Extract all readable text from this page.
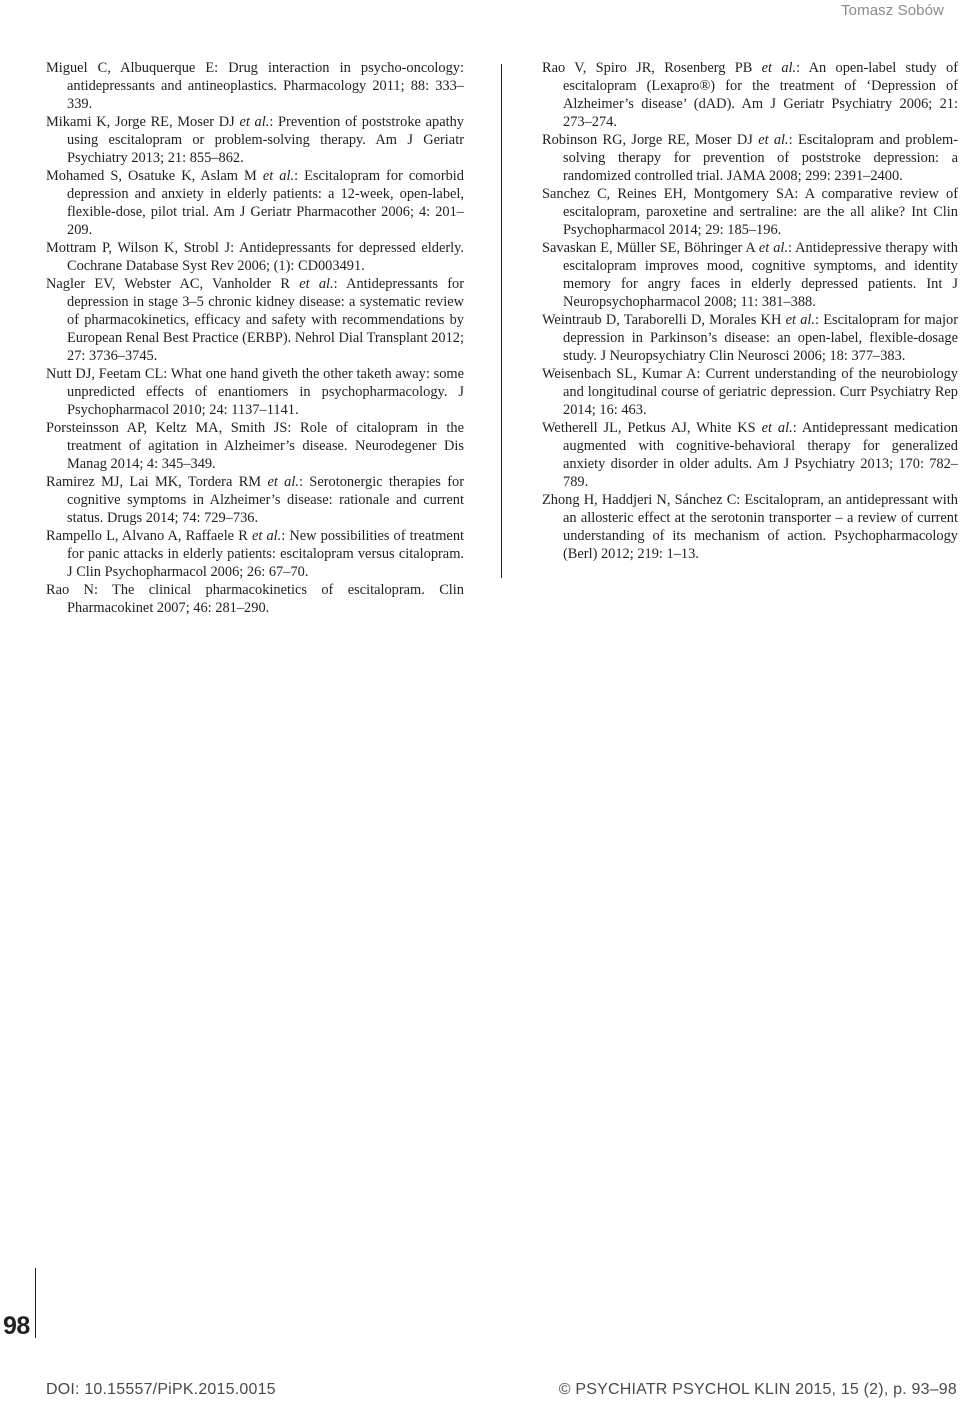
Tomasz Sobów

Miguel C, Albuquerque E: Drug interaction in psycho-oncology: antidepressants and antineoplastics. Pharmacology 2011; 88: 333–339.

Mikami K, Jorge RE, Moser DJ et al.: Prevention of poststroke apathy using escitalopram or problem-solving therapy. Am J Geriatr Psychiatry 2013; 21: 855–862.

Mohamed S, Osatuke K, Aslam M et al.: Escitalopram for comorbid depression and anxiety in elderly patients: a 12-week, open-label, flexible-dose, pilot trial. Am J Geriatr Pharmacother 2006; 4: 201–209.

Mottram P, Wilson K, Strobl J: Antidepressants for depressed elderly. Cochrane Database Syst Rev 2006; (1): CD003491.

Nagler EV, Webster AC, Vanholder R et al.: Antidepressants for depression in stage 3–5 chronic kidney disease: a systematic review of pharmacokinetics, efficacy and safety with recommendations by European Renal Best Practice (ERBP). Nehrol Dial Transplant 2012; 27: 3736–3745.

Nutt DJ, Feetam CL: What one hand giveth the other taketh away: some unpredicted effects of enantiomers in psychopharmacology. J Psychopharmacol 2010; 24: 1137–1141.

Porsteinsson AP, Keltz MA, Smith JS: Role of citalopram in the treatment of agitation in Alzheimer’s disease. Neurodegener Dis Manag 2014; 4: 345–349.

Ramirez MJ, Lai MK, Tordera RM et al.: Serotonergic therapies for cognitive symptoms in Alzheimer’s disease: rationale and current status. Drugs 2014; 74: 729–736.

Rampello L, Alvano A, Raffaele R et al.: New possibilities of treatment for panic attacks in elderly patients: escitalopram versus citalopram. J Clin Psychopharmacol 2006; 26: 67–70.

Rao N: The clinical pharmacokinetics of escitalopram. Clin Pharmacokinet 2007; 46: 281–290.

Rao V, Spiro JR, Rosenberg PB et al.: An open-label study of escitalopram (Lexapro®) for the treatment of ‘Depression of Alzheimer’s disease’ (dAD). Am J Geriatr Psychiatry 2006; 21: 273–274.

Robinson RG, Jorge RE, Moser DJ et al.: Escitalopram and problem-solving therapy for prevention of poststroke depression: a randomized controlled trial. JAMA 2008; 299: 2391–2400.

Sanchez C, Reines EH, Montgomery SA: A comparative review of escitalopram, paroxetine and sertraline: are the all alike? Int Clin Psychopharmacol 2014; 29: 185–196.

Savaskan E, Müller SE, Böhringer A et al.: Antidepressive therapy with escitalopram improves mood, cognitive symptoms, and identity memory for angry faces in elderly depressed patients. Int J Neuropsychopharmacol 2008; 11: 381–388.

Weintraub D, Taraborelli D, Morales KH et al.: Escitalopram for major depression in Parkinson’s disease: an open-label, flexible-dosage study. J Neuropsychiatry Clin Neurosci 2006; 18: 377–383.

Weisenbach SL, Kumar A: Current understanding of the neurobiology and longitudinal course of geriatric depression. Curr Psychiatry Rep 2014; 16: 463.

Wetherell JL, Petkus AJ, White KS et al.: Antidepressant medication augmented with cognitive-behavioral therapy for generalized anxiety disorder in older adults. Am J Psychiatry 2013; 170: 782–789.

Zhong H, Haddjeri N, Sánchez C: Escitalopram, an antidepressant with an allosteric effect at the serotonin transporter – a review of current understanding of its mechanism of action. Psychopharmacology (Berl) 2012; 219: 1–13.

98
DOI: 10.15557/PiPK.2015.0015	© PSYCHIATR PSYCHOL KLIN 2015, 15 (2), p. 93–98
